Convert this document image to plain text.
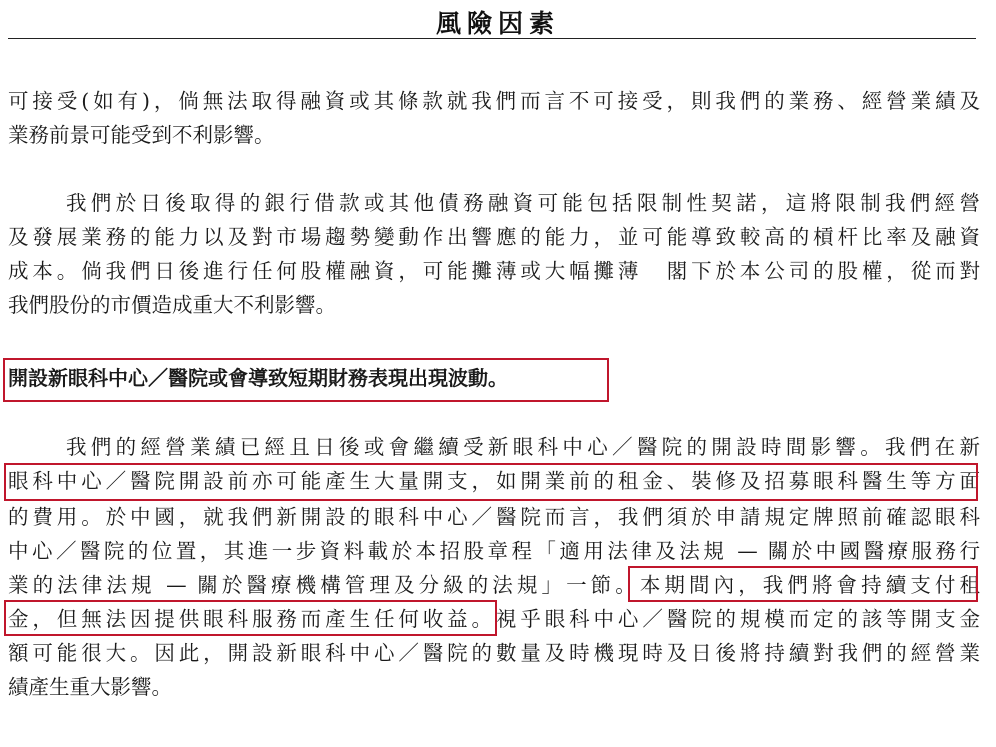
風險因素
可接受(如有)，倘無法取得融資或其條款就我們而言不可接受，則我們的業務、經營業績及
業務前景可能受到不利影響。
我們於日後取得的銀行借款或其他債務融資可能包括限制性契諾，這將限制我們經營
及發展業務的能力以及對市場趨勢變動作出響應的能力，並可能導致較高的槓杆比率及融資
成本。倘我們日後進行任何股權融資，可能攤薄或大幅攤薄　閣下於本公司的股權，從而對
我們股份的市價造成重大不利影響。
開設新眼科中心／醫院或會導致短期財務表現出現波動。
我們的經營業績已經且日後或會繼續受新眼科中心／醫院的開設時間影響。我們在新
眼科中心／醫院開設前亦可能產生大量開支，如開業前的租金、裝修及招募眼科醫生等方面
的費用。於中國，就我們新開設的眼科中心／醫院而言，我們須於申請規定牌照前確認眼科
中心／醫院的位置，其進一步資料載於本招股章程「適用法律及法規 — 關於中國醫療服務行
業的法律法規 — 關於醫療機構管理及分級的法規」一節。本期間內，我們將會持續支付租
金，但無法因提供眼科服務而產生任何收益。視乎眼科中心／醫院的規模而定的該等開支金
額可能很大。因此，開設新眼科中心／醫院的數量及時機現時及日後將持續對我們的經營業
績產生重大影響。
